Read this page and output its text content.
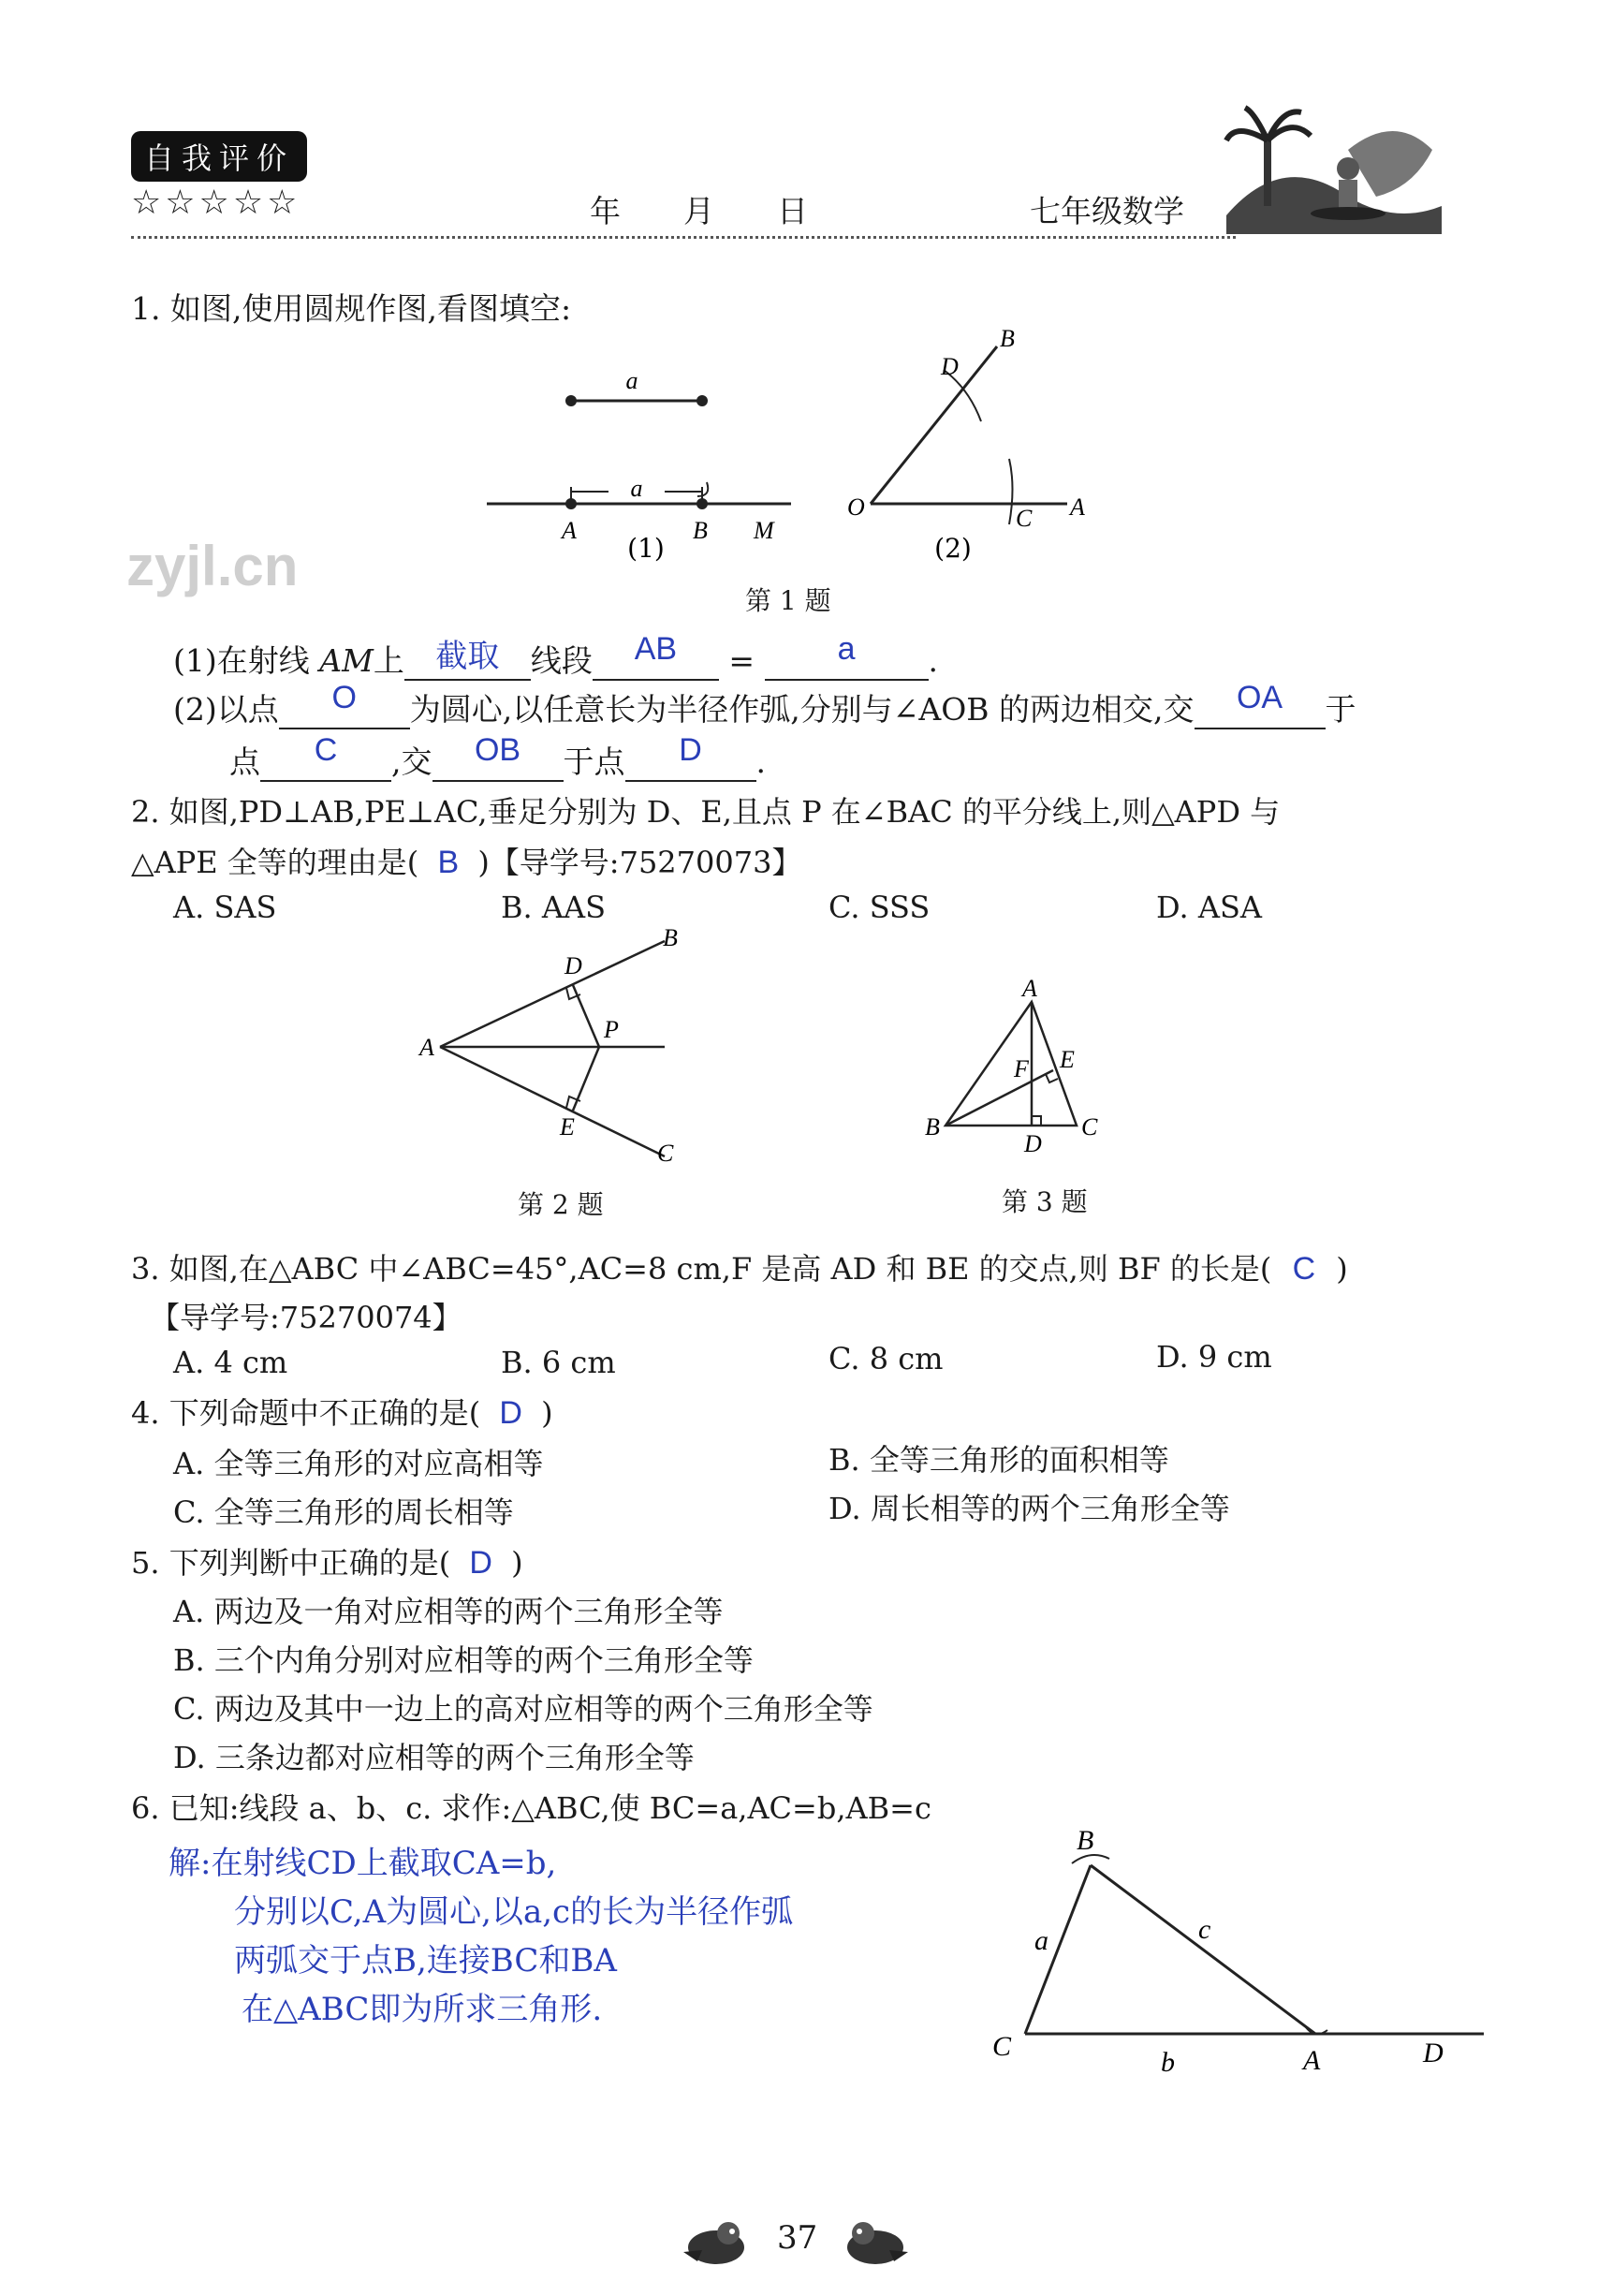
自我评价
☆☆☆☆☆	年 月 日	七年级数学
zyjl.cn
1. 如图,使用圆规作图,看图填空:
a
a
A	B M
(1)
O
D
B
C A
(2)
第 1 题
(1)在射线 AM上 截取 线段 AB =	a .
(2)以点 O 为圆心,以任意长为半径作弧,分别与∠AOB 的两边相交,交 OA 于
点 C ,交 OB 于点 D .
2. 如图,PD⊥AB,PE⊥AC,垂足分别为 D、E,且点 P 在∠BAC 的平分线上,则△APD 与
△APE 全等的理由是( B )【导学号:75270073】
A. SAS	B. AAS	C. SSS	D. ASA
A
D
B
P
E
C
第 2 题
A
E
F
B
D
C
第 3 题
3. 如图,在△ABC 中∠ABC=45°,AC=8 cm,F 是高 AD 和 BE 的交点,则 BF 的长是( C )
【导学号:75270074】
A. 4 cm	B. 6 cm	C. 8 cm	D. 9 cm
4. 下列命题中不正确的是( D )
A. 全等三角形的对应高相等	B. 全等三角形的面积相等
C. 全等三角形的周长相等	D. 周长相等的两个三角形全等
5. 下列判断中正确的是( D )
A. 两边及一角对应相等的两个三角形全等
B. 三个内角分别对应相等的两个三角形全等
C. 两边及其中一边上的高对应相等的两个三角形全等
D. 三条边都对应相等的两个三角形全等
6. 已知:线段 a、b、c. 求作:△ABC,使 BC=a,AC=b,AB=c
解:在射线CD上截取CA=b,
分别以C,A为圆心,以a,c的长为半径作弧
两弧交于点B,连接BC和BA
在△ABC即为所求三角形.
B
a	c
C
b	A	D
37
